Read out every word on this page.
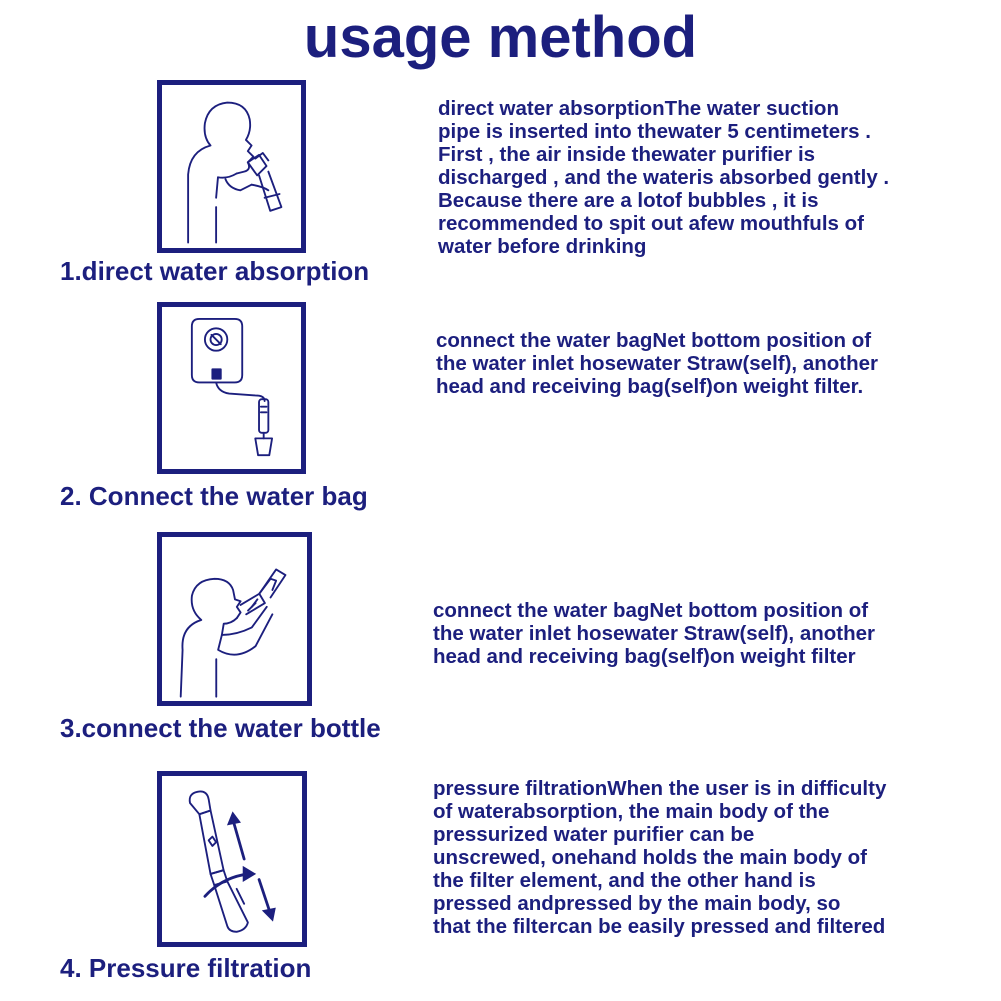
usage method
1.direct water absorption
direct water absorptionThe water suction
pipe is inserted into thewater 5 centimeters .
First , the air inside thewater purifier is
discharged , and the wateris absorbed gently .
Because there are a lotof bubbles , it is
recommended to spit out afew mouthfuls of
water before drinking
2. Connect the water bag
connect the water bagNet bottom position of
the water inlet hosewater Straw(self), another
head and receiving bag(self)on weight filter.
3.connect the water bottle
connect the water bagNet bottom position of
the water inlet hosewater Straw(self), another
head and receiving bag(self)on weight filter
4. Pressure filtration
pressure filtrationWhen the user is in difficulty
of waterabsorption, the main body of the
pressurized water purifier can be
unscrewed, onehand holds the main body of
the filter element, and the other hand is
pressed andpressed by the main body, so
that the filtercan be easily pressed and filtered
